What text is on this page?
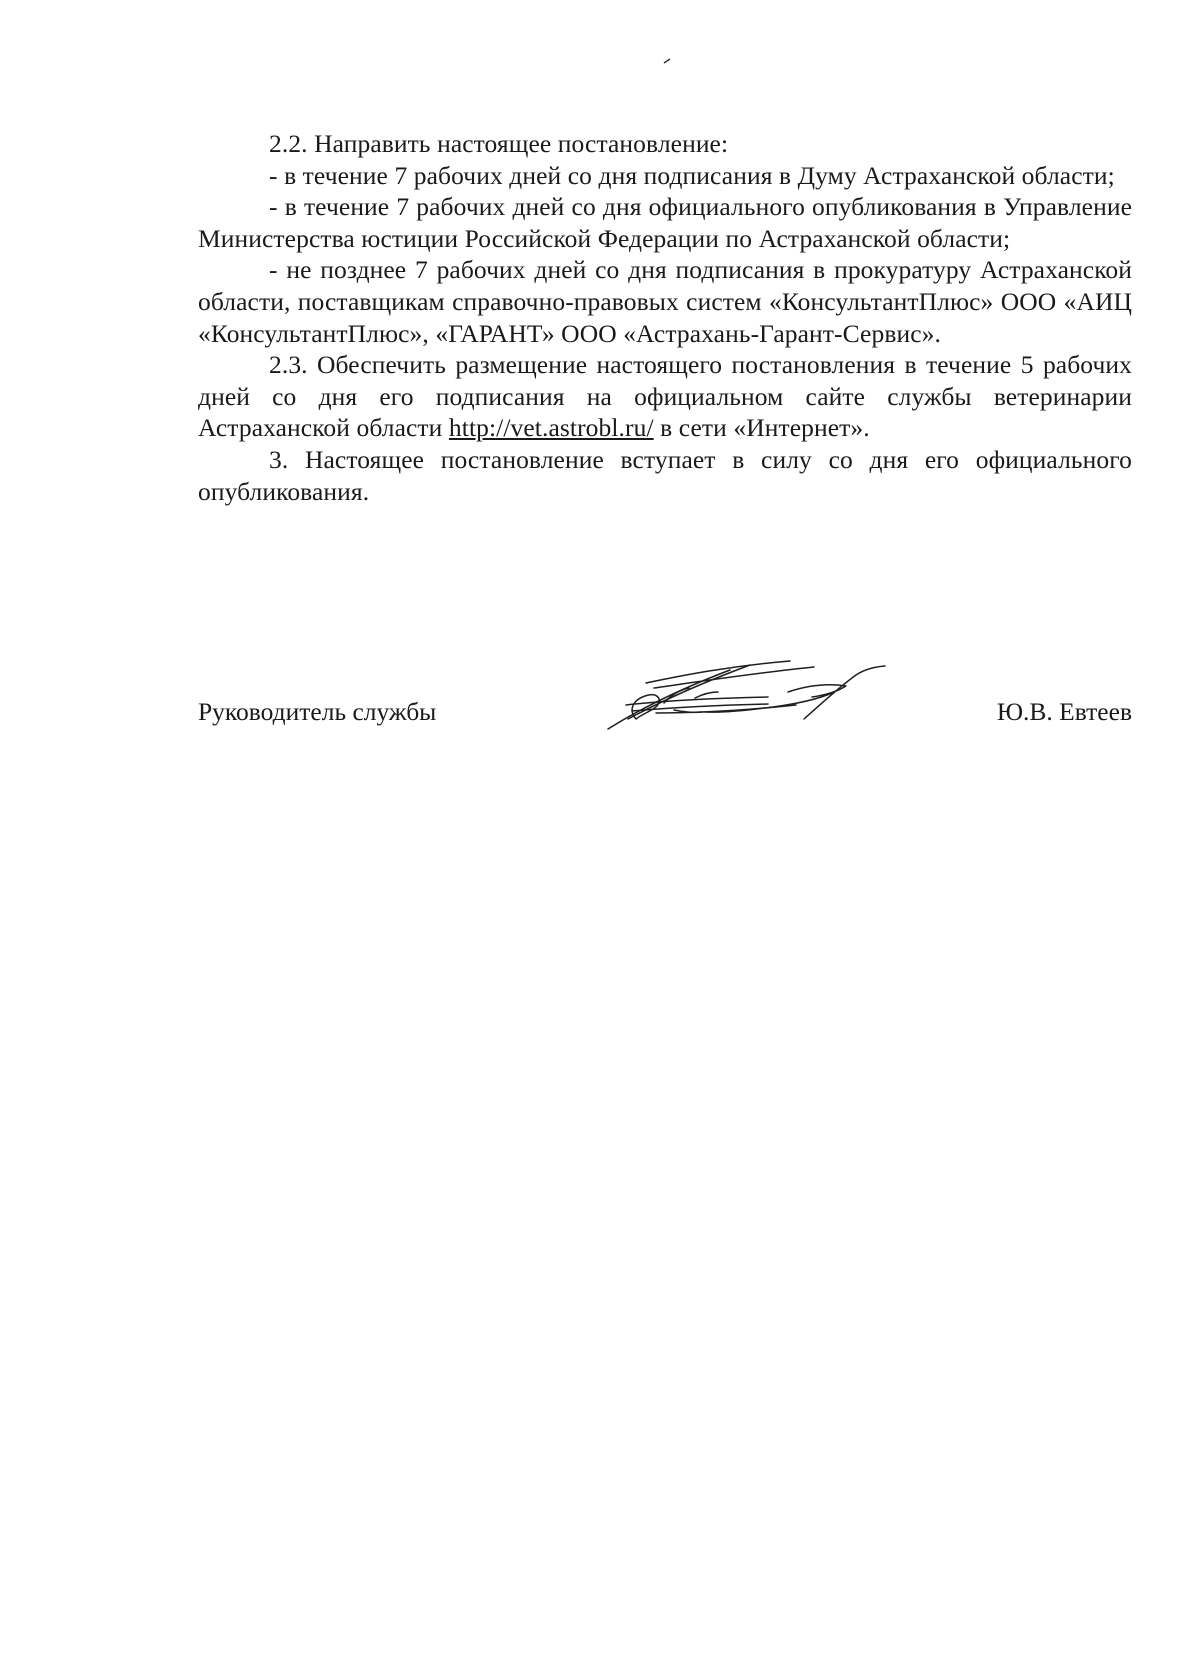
2.2. Направить настоящее постановление:

- в течение 7 рабочих дней со дня подписания в Думу Астраханской области;

- в течение 7 рабочих дней со дня официального опубликования в Управление Министерства юстиции Российской Федерации по Астраханской области;

- не позднее 7 рабочих дней со дня подписания в прокуратуру Астраханской области, поставщикам справочно-правовых систем «КонсультантПлюс» ООО «АИЦ «КонсультантПлюс», «ГАРАНТ» ООО «Астрахань-Гарант-Сервис».

2.3. Обеспечить размещение настоящего постановления в течение 5 рабочих дней со дня его подписания на официальном сайте службы ветеринарии Астраханской области http://vet.astrobl.ru/ в сети «Интернет».

3. Настоящее постановление вступает в силу со дня его официального опубликования.

Руководитель службы	Ю.В. Евтеев
